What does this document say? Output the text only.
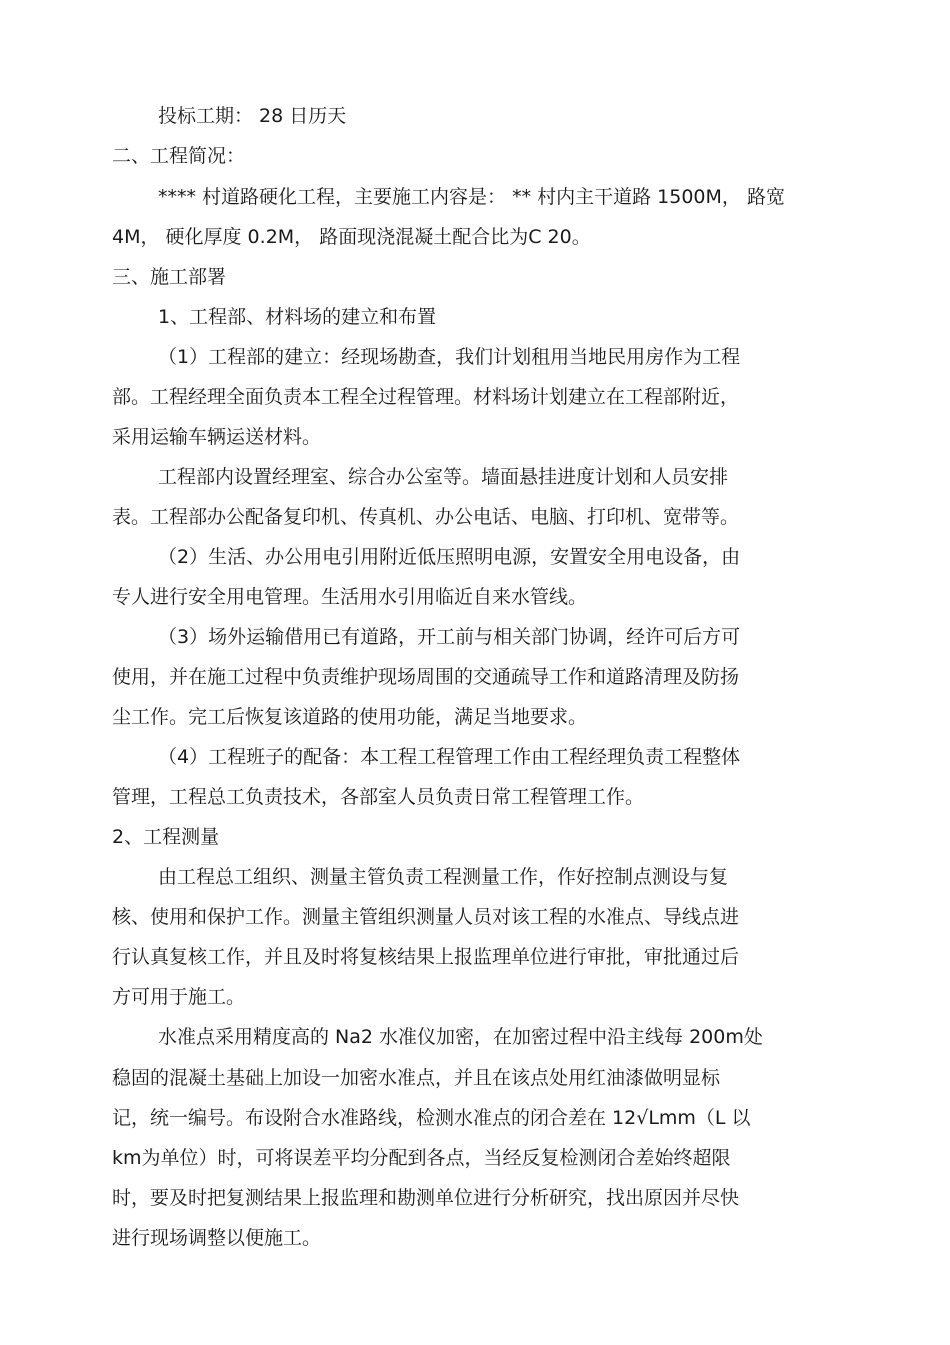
投标工期： 28 日历天
二、工程简况：
**** 村道路硬化工程，主要施工内容是： ** 村内主干道路 1500M， 路宽
4M， 硬化厚度 0.2M， 路面现浇混凝土配合比为C 20。
三、施工部署
1、工程部、材料场的建立和布置
（1）工程部的建立：经现场勘查，我们计划租用当地民用房作为工程
部。工程经理全面负责本工程全过程管理。材料场计划建立在工程部附近，
采用运输车辆运送材料。
工程部内设置经理室、综合办公室等。墙面悬挂进度计划和人员安排
表。工程部办公配备复印机、传真机、办公电话、电脑、打印机、宽带等。
（2）生活、办公用电引用附近低压照明电源，安置安全用电设备，由
专人进行安全用电管理。生活用水引用临近自来水管线。
（3）场外运输借用已有道路，开工前与相关部门协调，经许可后方可
使用，并在施工过程中负责维护现场周围的交通疏导工作和道路清理及防扬
尘工作。完工后恢复该道路的使用功能，满足当地要求。
（4）工程班子的配备：本工程工程管理工作由工程经理负责工程整体
管理，工程总工负责技术，各部室人员负责日常工程管理工作。
2、工程测量
由工程总工组织、测量主管负责工程测量工作，作好控制点测设与复
核、使用和保护工作。测量主管组织测量人员对该工程的水准点、导线点进
行认真复核工作，并且及时将复核结果上报监理单位进行审批，审批通过后
方可用于施工。
水准点采用精度高的 Na2 水准仪加密，在加密过程中沿主线每 200m处
稳固的混凝土基础上加设一加密水准点，并且在该点处用红油漆做明显标
记，统一编号。布设附合水准路线，检测水准点的闭合差在 12√Lmm（L 以
km为单位）时，可将误差平均分配到各点，当经反复检测闭合差始终超限
时，要及时把复测结果上报监理和勘测单位进行分析研究，找出原因并尽快
进行现场调整以便施工。
